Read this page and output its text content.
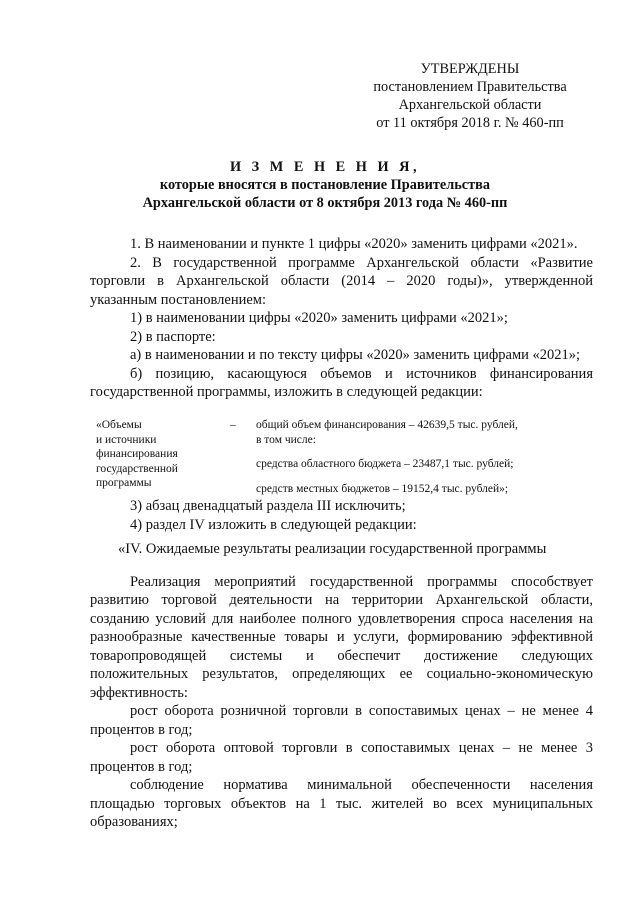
УТВЕРЖДЕНЫ
постановлением Правительства
Архангельской области
от 11 октября 2018 г. № 460-пп
И З М Е Н Е Н И Я,
которые вносятся в постановление Правительства
Архангельской области от 8 октября 2013 года № 460-пп

1. В наименовании и пункте 1 цифры «2020» заменить цифрами «2021».

2. В государственной программе Архангельской области «Развитие торговли в Архангельской области (2014 – 2020 годы)», утвержденной указанным постановлением:

1) в наименовании цифры «2020» заменить цифрами «2021»;

2) в паспорте:

а) в наименовании и по тексту цифры «2020» заменить цифрами «2021»;

б) позицию, касающуюся объемов и источников финансирования государственной программы, изложить в следующей редакции:

«Объемы
и источники
финансирования
государственной
программы
– общий объем финансирования – 42639,5 тыс. рублей,
в том числе:
средства областного бюджета – 23487,1 тыс. рублей;
средств местных бюджетов – 19152,4 тыс. рублей»;

3) абзац двенадцатый раздела III исключить;

4) раздел IV изложить в следующей редакции:

«IV. Ожидаемые результаты реализации государственной программы

Реализация мероприятий государственной программы способствует развитию торговой деятельности на территории Архангельской области, созданию условий для наиболее полного удовлетворения спроса населения на разнообразные качественные товары и услуги, формированию эффективной товаропроводящей системы и обеспечит достижение следующих положительных результатов, определяющих ее социально-экономическую эффективность:

рост оборота розничной торговли в сопоставимых ценах – не менее 4 процентов в год;

рост оборота оптовой торговли в сопоставимых ценах – не менее 3 процентов в год;

соблюдение норматива минимальной обеспеченности населения площадью торговых объектов на 1 тыс. жителей во всех муниципальных образованиях;
